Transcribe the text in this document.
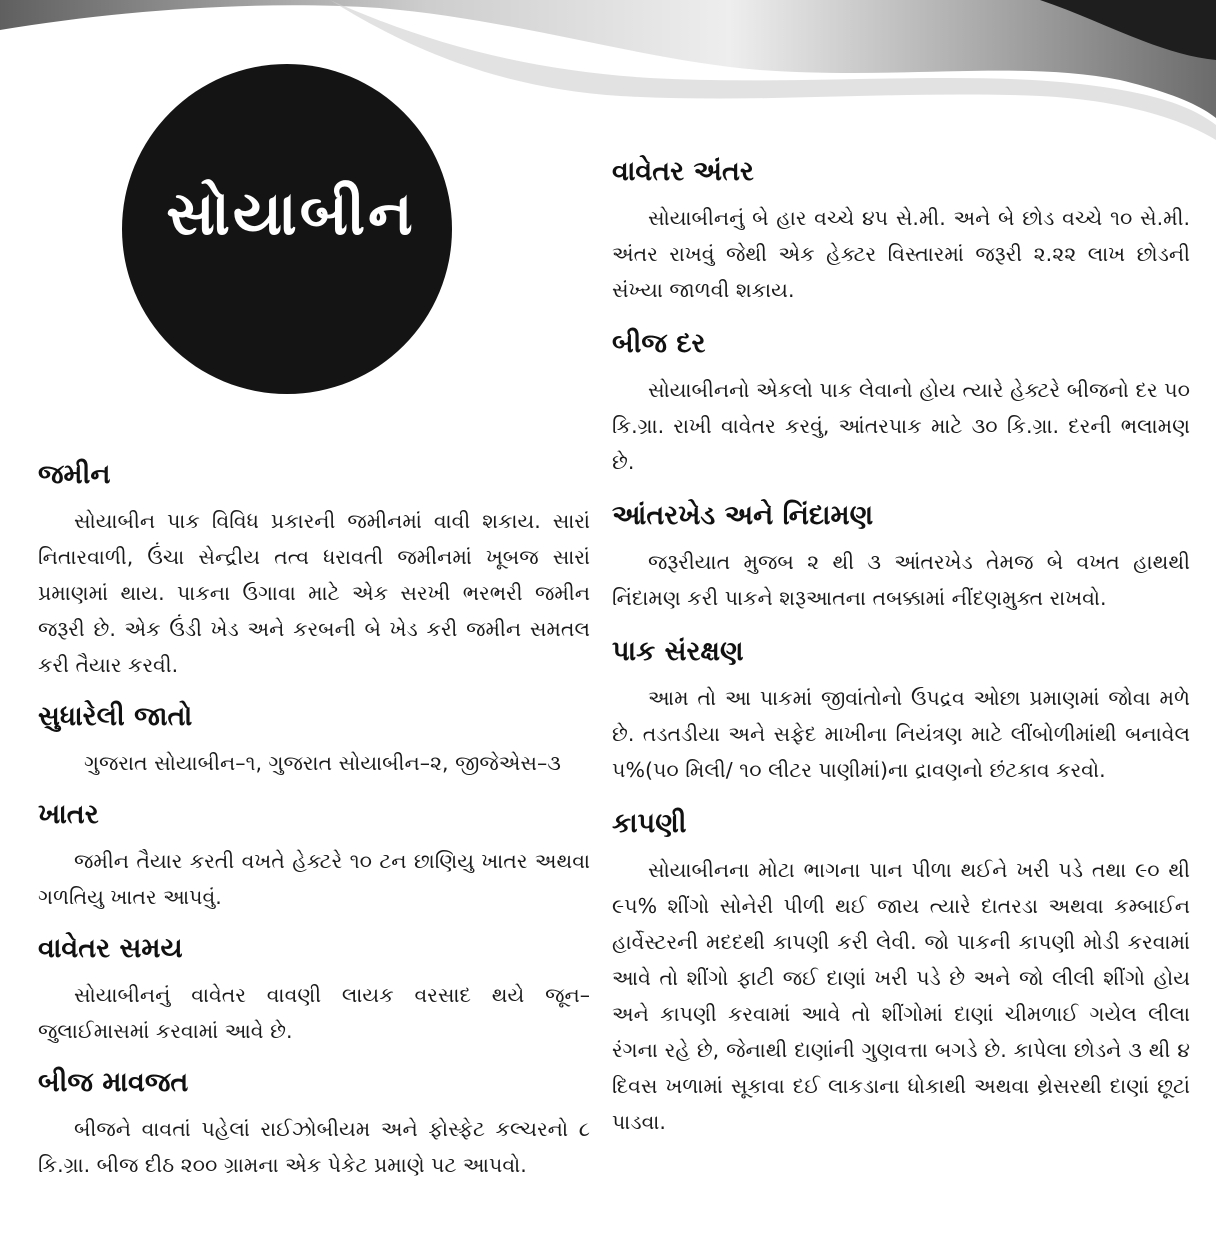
સોયાબીન
જમીન

સોયાબીન પાક વિવિધ પ્રકારની જમીનમાં વાવી શકાય. સારાં નિતારવાળી, ઉંચા સેન્દ્રીય તત્વ ધરાવતી જમીનમાં ખૂબજ સારાં પ્રમાણમાં થાય. પાકના ઉગાવા માટે એક સરખી ભરભરી જમીન જરૂરી છે. એક ઉંડી ખેડ અને કરબની બે ખેડ કરી જમીન સમતલ કરી તૈયાર કરવી.

સુધારેલી જાતો

ગુજરાત સોયાબીન–૧, ગુજરાત સોયાબીન–૨, જીજેએસ–૩

ખાતર

જમીન તૈયાર કરતી વખતે હેક્ટરે ૧૦ ટન છાણિયુ ખાતર અથવા ગળતિયુ ખાતર આપવું.

વાવેતર સમય

સોયાબીનનું વાવેતર વાવણી લાયક વરસાદ થયે જૂન–જુલાઈમાસમાં કરવામાં આવે છે.

બીજ માવજત

બીજને વાવતાં પહેલાં રાઈઝોબીયમ અને ફોસ્ફેટ કલ્ચરનો ૮ કિ.ગ્રા. બીજ દીઠ ૨૦૦ ગ્રામના એક પેકેટ પ્રમાણે પટ આપવો.

વાવેતર અંતર

સોયાબીનનું બે હાર વચ્ચે ૪૫ સે.મી. અને બે છોડ વચ્ચે ૧૦ સે.મી. અંતર રાખવું જેથી એક હેક્ટર વિસ્તારમાં જરૂરી ૨.૨૨ લાખ છોડની સંખ્યા જાળવી શકાય.

બીજ દર

સોયાબીનનો એકલો પાક લેવાનો હોય ત્યારે હેક્ટરે બીજનો દર ૫૦ કિ.ગ્રા. રાખી વાવેતર કરવું, આંતરપાક માટે ૩૦ કિ.ગ્રા. દરની ભલામણ છે.

આંતરખેડ અને નિંદામણ

જરૂરીયાત મુજબ ૨ થી ૩ આંતરખેડ તેમજ બે વખત હાથથી નિંદામણ કરી પાકને શરૂઆતના તબક્કામાં નીંદણમુક્ત રાખવો.

પાક સંરક્ષણ

આમ તો આ પાકમાં જીવાંતોનો ઉપદ્રવ ઓછા પ્રમાણમાં જોવા મળે છે. તડતડીયા અને સફેદ માખીના નિયંત્રણ માટે લીંબોળીમાંથી બનાવેલ ૫%(૫૦ મિલી/ ૧૦ લીટર પાણીમાં)ના દ્રાવણનો છંટકાવ કરવો.

કાપણી

સોયાબીનના મોટા ભાગના પાન પીળા થઈને ખરી પડે તથા ૯૦ થી ૯૫% શીંગો સોનેરી પીળી થઈ જાય ત્યારે દાતરડા અથવા કમ્બાઈન હાર્વેસ્ટરની મદદથી કાપણી કરી લેવી. જો પાકની કાપણી મોડી કરવામાં આવે તો શીંગો ફાટી જઈ દાણાં ખરી પડે છે અને જો લીલી શીંગો હોય અને કાપણી કરવામાં આવે તો શીંગોમાં દાણાં ચીમળાઈ ગયેલ લીલા રંગના રહે છે, જેનાથી દાણાંની ગુણવત્તા બગડે છે. કાપેલા છોડને ૩ થી ૪ દિવસ ખળામાં સૂકાવા દઈ લાકડાના ધોકાથી અથવા થ્રેસરથી દાણાં છૂટાં પાડવા.
